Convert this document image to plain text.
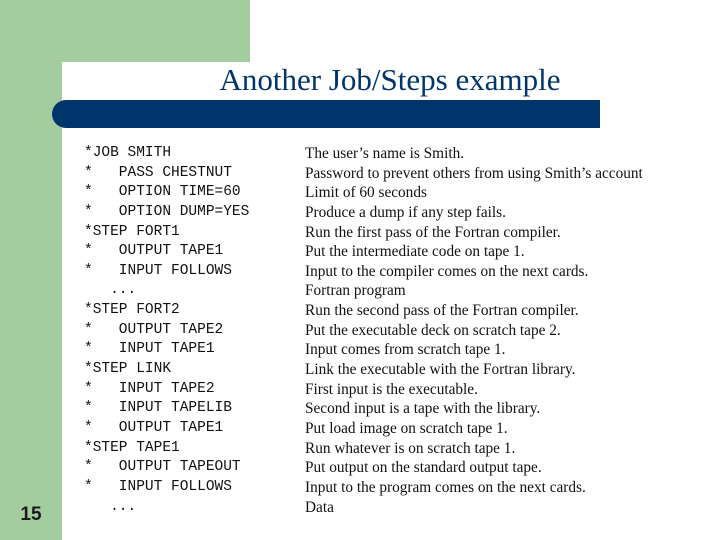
Another Job/Steps example
*JOB SMITH
*   PASS CHESTNUT
*   OPTION TIME=60
*   OPTION DUMP=YES
*STEP FORT1
*   OUTPUT TAPE1
*   INPUT FOLLOWS
...
*STEP FORT2
*   OUTPUT TAPE2
*   INPUT TAPE1
*STEP LINK
*   INPUT TAPE2
*   INPUT TAPELIB
*   OUTPUT TAPE1
*STEP TAPE1
*   OUTPUT TAPEOUT
*   INPUT FOLLOWS
...
The user’s name is Smith.
Password to prevent others from using Smith’s account
Limit of 60 seconds
Produce a dump if any step fails.
Run the first pass of the Fortran compiler.
Put the intermediate code on tape 1.
Input to the compiler comes on the next cards.
Fortran program
Run the second pass of the Fortran compiler.
Put the executable deck on scratch tape 2.
Input comes from scratch tape 1.
Link the executable with the Fortran library.
First input is the executable.
Second input is a tape with the library.
Put load image on scratch tape 1.
Run whatever is on scratch tape 1.
Put output on the standard output tape.
Input to the program comes on the next cards.
Data
15
